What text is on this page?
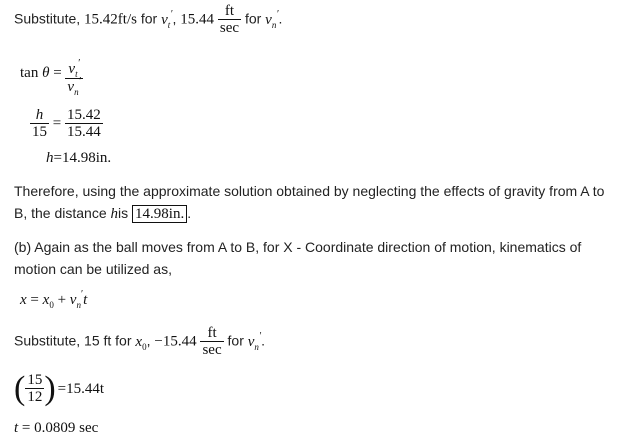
Substitute, 15.42ft/s for $v_t'$, $15.44 \frac{ft}{\sec}$ for $v_n'$.
$\tan \theta = \frac{v_t'}{v_n'}$
$\frac{h}{15} = \frac{15.42}{15.44}$
h=14.98in.
Therefore, using the approximate solution obtained by neglecting the effects of gravity from A to
B, the distance his 14.98in. .
(b) Again as the ball moves from A to B, for X - Coordinate direction of motion, kinematics of
motion can be utilized as,
$x = x_0 + v_n't$
Substitute, 15 ft for $x_0$, $-15.44 \frac{ft}{\sec}$ for $v_n'$.
( $\frac{15}{12}$ ) =15.44t
t = 0.0809 sec
